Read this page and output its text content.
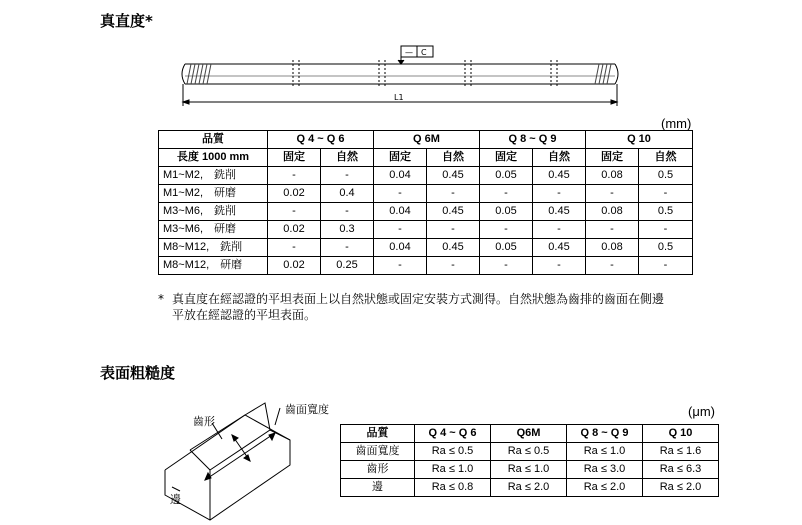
真直度*
— C
L1
(mm)
品質	Q 4 ~ Q 6		Q 6M		Q 8 ~ Q 9		Q 10	
長度 1000 mm	固定	自然	固定	自然	固定	自然	固定	自然
M1~M2,　銑削	-	-	0.04	0.45	0.05	0.45	0.08	0.5
M1~M2,　研磨	0.02	0.4	-	-	-	-	-	-
M3~M6,　銑削	-	-	0.04	0.45	0.05	0.45	0.08	0.5
M3~M6,　研磨	0.02	0.3	-	-	-	-	-	-
M8~M12,　銑削	-	-	0.04	0.45	0.05	0.45	0.08	0.5
M8~M12,　研磨	0.02	0.25	-	-	-	-	-	-
* 真直度在經認證的平坦表面上以自然狀態或固定安裝方式測得。自然狀態為齒排的齒面在側邊
平放在經認證的平坦表面。
表面粗糙度
齒形
齒面寬度
邊
(μm)
品質	Q 4 ~ Q 6	Q6M	Q 8 ~ Q 9	Q 10
齒面寬度	Ra ≤ 0.5	Ra ≤ 0.5	Ra ≤ 1.0	Ra ≤ 1.6
齒形	Ra ≤ 1.0	Ra ≤ 1.0	Ra ≤ 3.0	Ra ≤ 6.3
邊	Ra ≤ 0.8	Ra ≤ 2.0	Ra ≤ 2.0	Ra ≤ 2.0
